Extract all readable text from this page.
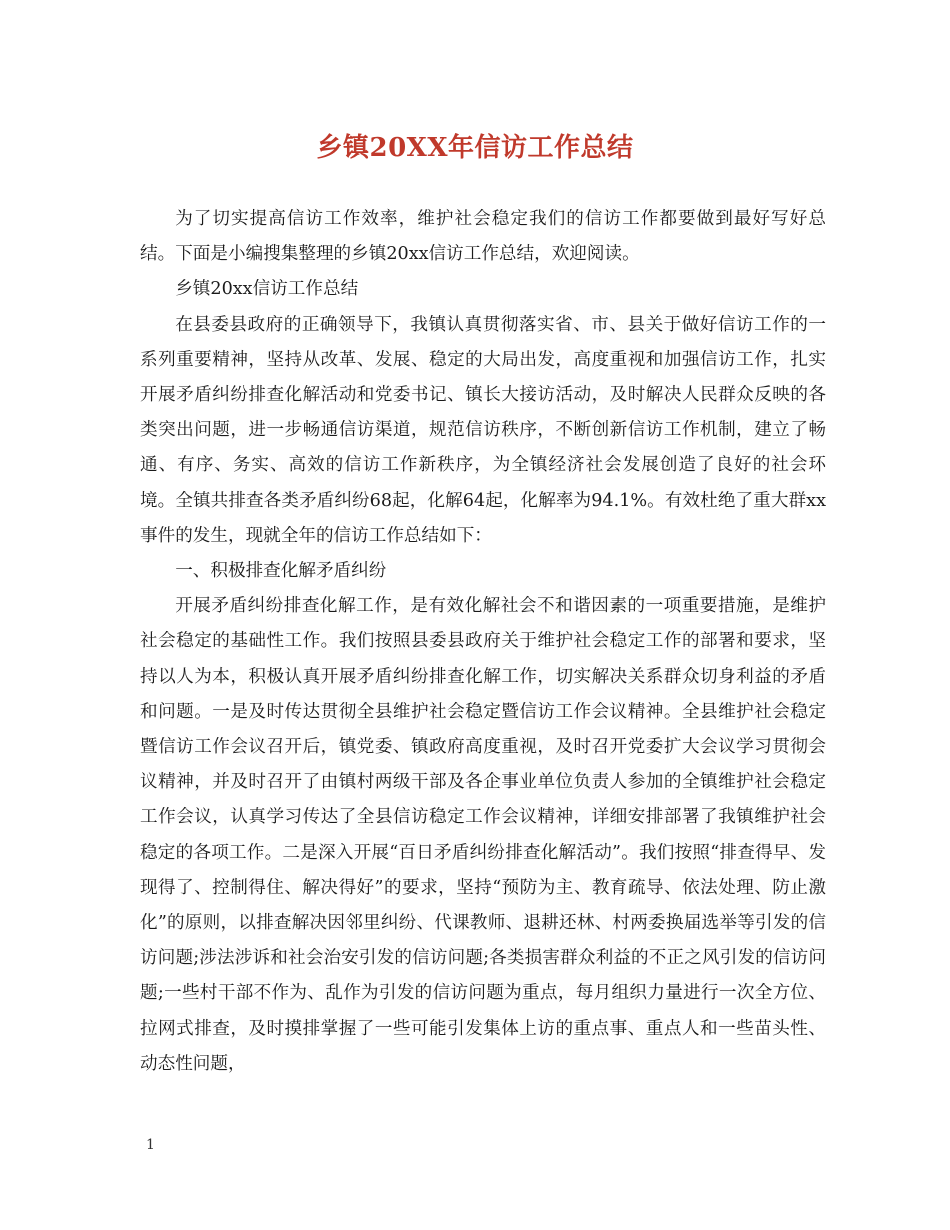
乡镇20XX年信访工作总结

为了切实提高信访工作效率，维护社会稳定我们的信访工作都要做到最好写好总结。下面是小编搜集整理的乡镇20xx信访工作总结，欢迎阅读。

乡镇20xx信访工作总结

在县委县政府的正确领导下，我镇认真贯彻落实省、市、县关于做好信访工作的一系列重要精神，坚持从改革、发展、稳定的大局出发，高度重视和加强信访工作，扎实开展矛盾纠纷排查化解活动和党委书记、镇长大接访活动，及时解决人民群众反映的各类突出问题，进一步畅通信访渠道，规范信访秩序，不断创新信访工作机制，建立了畅通、有序、务实、高效的信访工作新秩序，为全镇经济社会发展创造了良好的社会环境。全镇共排查各类矛盾纠纷68起，化解64起，化解率为94.1%。有效杜绝了重大群xx事件的发生，现就全年的信访工作总结如下：

一、积极排查化解矛盾纠纷

开展矛盾纠纷排查化解工作，是有效化解社会不和谐因素的一项重要措施，是维护社会稳定的基础性工作。我们按照县委县政府关于维护社会稳定工作的部署和要求，坚持以人为本，积极认真开展矛盾纠纷排查化解工作，切实解决关系群众切身利益的矛盾和问题。一是及时传达贯彻全县维护社会稳定暨信访工作会议精神。全县维护社会稳定暨信访工作会议召开后，镇党委、镇政府高度重视，及时召开党委扩大会议学习贯彻会议精神，并及时召开了由镇村两级干部及各企事业单位负责人参加的全镇维护社会稳定工作会议，认真学习传达了全县信访稳定工作会议精神，详细安排部署了我镇维护社会稳定的各项工作。二是深入开展“百日矛盾纠纷排查化解活动”。我们按照“排查得早、发现得了、控制得住、解决得好”的要求，坚持“预防为主、教育疏导、依法处理、防止激化”的原则，以排查解决因邻里纠纷、代课教师、退耕还林、村两委换届选举等引发的信访问题;涉法涉诉和社会治安引发的信访问题;各类损害群众利益的不正之风引发的信访问题;一些村干部不作为、乱作为引发的信访问题为重点，每月组织力量进行一次全方位、拉网式排查，及时摸排掌握了一些可能引发集体上访的重点事、重点人和一些苗头性、动态性问题，

1
